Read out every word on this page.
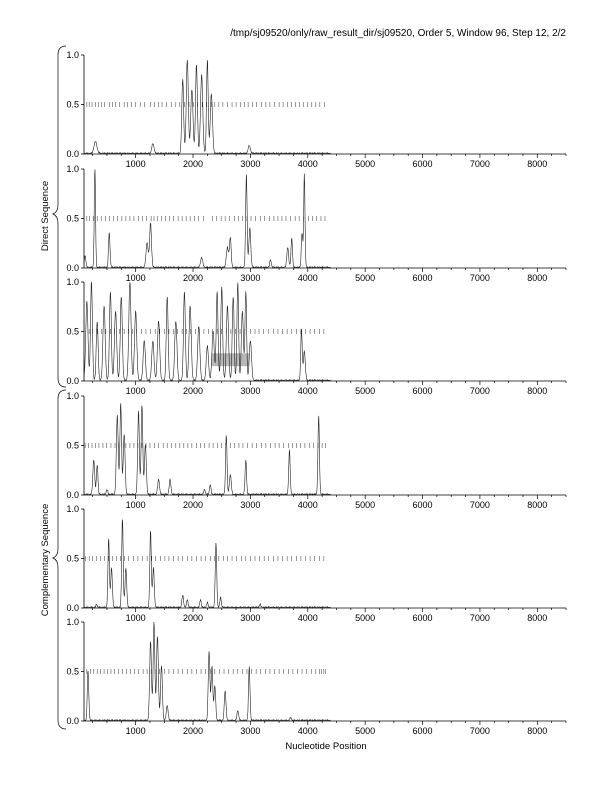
/tmp/sj09520/only/raw_result_dir/sj09520, Order 5, Window 96, Step 12, 2/2
0.0
0.5
1.0
1000	2000	3000	4000	5000	6000	7000	8000
0.0
0.5
1.0
1000	2000	3000	4000	5000	6000	7000	8000
0.0
0.5
1.0
1000	2000	3000	4000	5000	6000	7000	8000
0.0
0.5
1.0
1000	2000	3000	4000	5000	6000	7000	8000
0.0
0.5
1.0
1000	2000	3000	4000	5000	6000	7000	8000
0.0
0.5
1.0
1000	2000	3000	4000	5000	6000	7000	8000
Direct Sequence
Complementary Sequence
Nucleotide Position
